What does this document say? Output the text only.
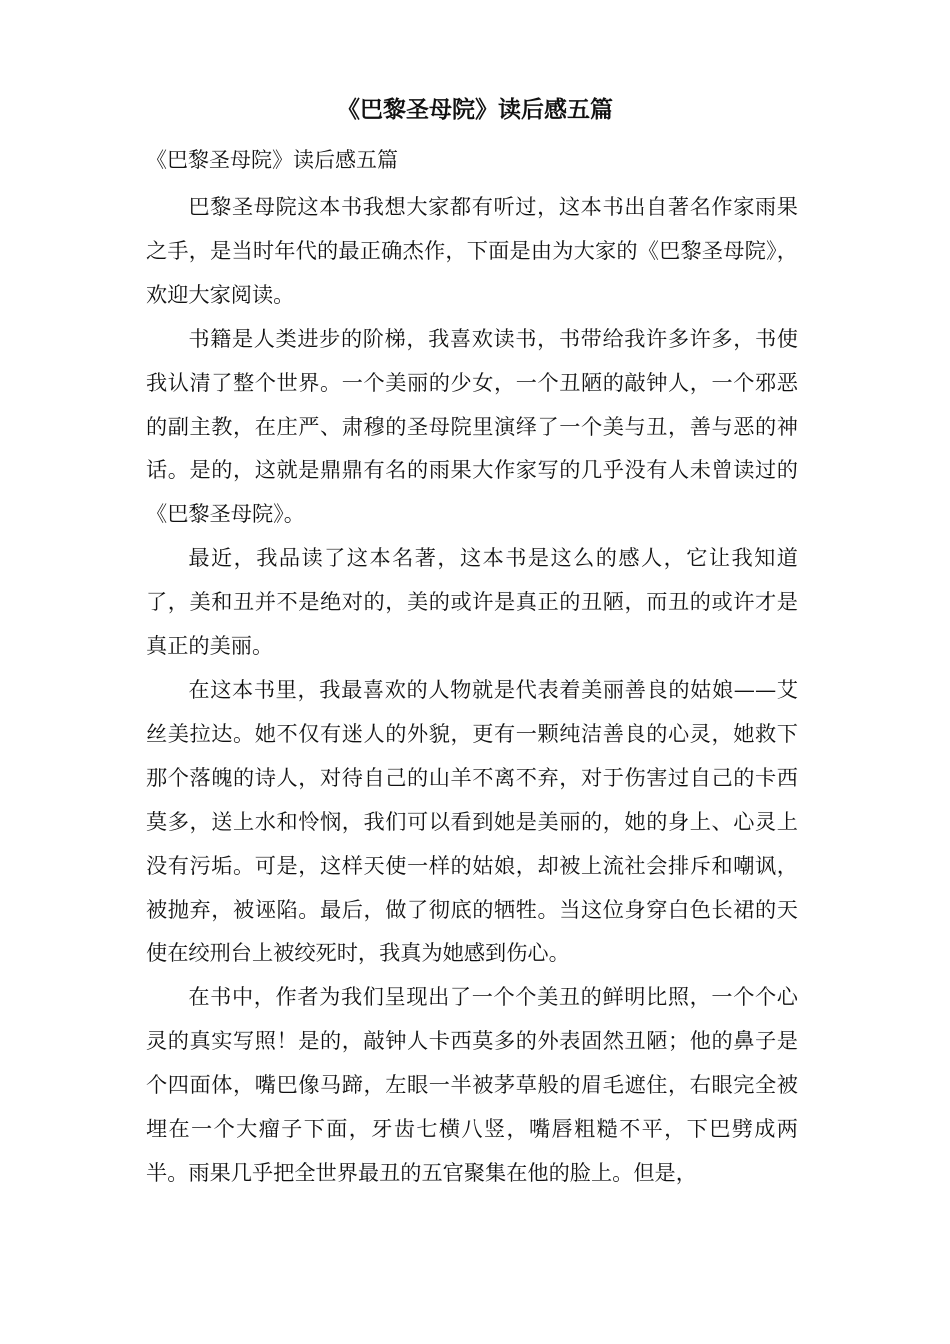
《巴黎圣母院》读后感五篇

《巴黎圣母院》读后感五篇

巴黎圣母院这本书我想大家都有听过，这本书出自著名作家雨果之手，是当时年代的最正确杰作，下面是由为大家的《巴黎圣母院》，欢迎大家阅读。

书籍是人类进步的阶梯，我喜欢读书，书带给我许多许多，书使我认清了整个世界。一个美丽的少女，一个丑陋的敲钟人，一个邪恶的副主教，在庄严、肃穆的圣母院里演绎了一个美与丑，善与恶的神话。是的，这就是鼎鼎有名的雨果大作家写的几乎没有人未曾读过的《巴黎圣母院》。

最近，我品读了这本名著，这本书是这么的感人，它让我知道了，美和丑并不是绝对的，美的或许是真正的丑陋，而丑的或许才是真正的美丽。

在这本书里，我最喜欢的人物就是代表着美丽善良的姑娘——艾丝美拉达。她不仅有迷人的外貌，更有一颗纯洁善良的心灵，她救下那个落魄的诗人，对待自己的山羊不离不弃，对于伤害过自己的卡西莫多，送上水和怜悯，我们可以看到她是美丽的，她的身上、心灵上没有污垢。可是，这样天使一样的姑娘，却被上流社会排斥和嘲讽，被抛弃，被诬陷。最后，做了彻底的牺牲。当这位身穿白色长裙的天使在绞刑台上被绞死时，我真为她感到伤心。

在书中，作者为我们呈现出了一个个美丑的鲜明比照，一个个心灵的真实写照！是的，敲钟人卡西莫多的外表固然丑陋；他的鼻子是个四面体，嘴巴像马蹄，左眼一半被茅草般的眉毛遮住，右眼完全被埋在一个大瘤子下面，牙齿七横八竖，嘴唇粗糙不平，下巴劈成两半。雨果几乎把全世界最丑的五官聚集在他的脸上。但是，
